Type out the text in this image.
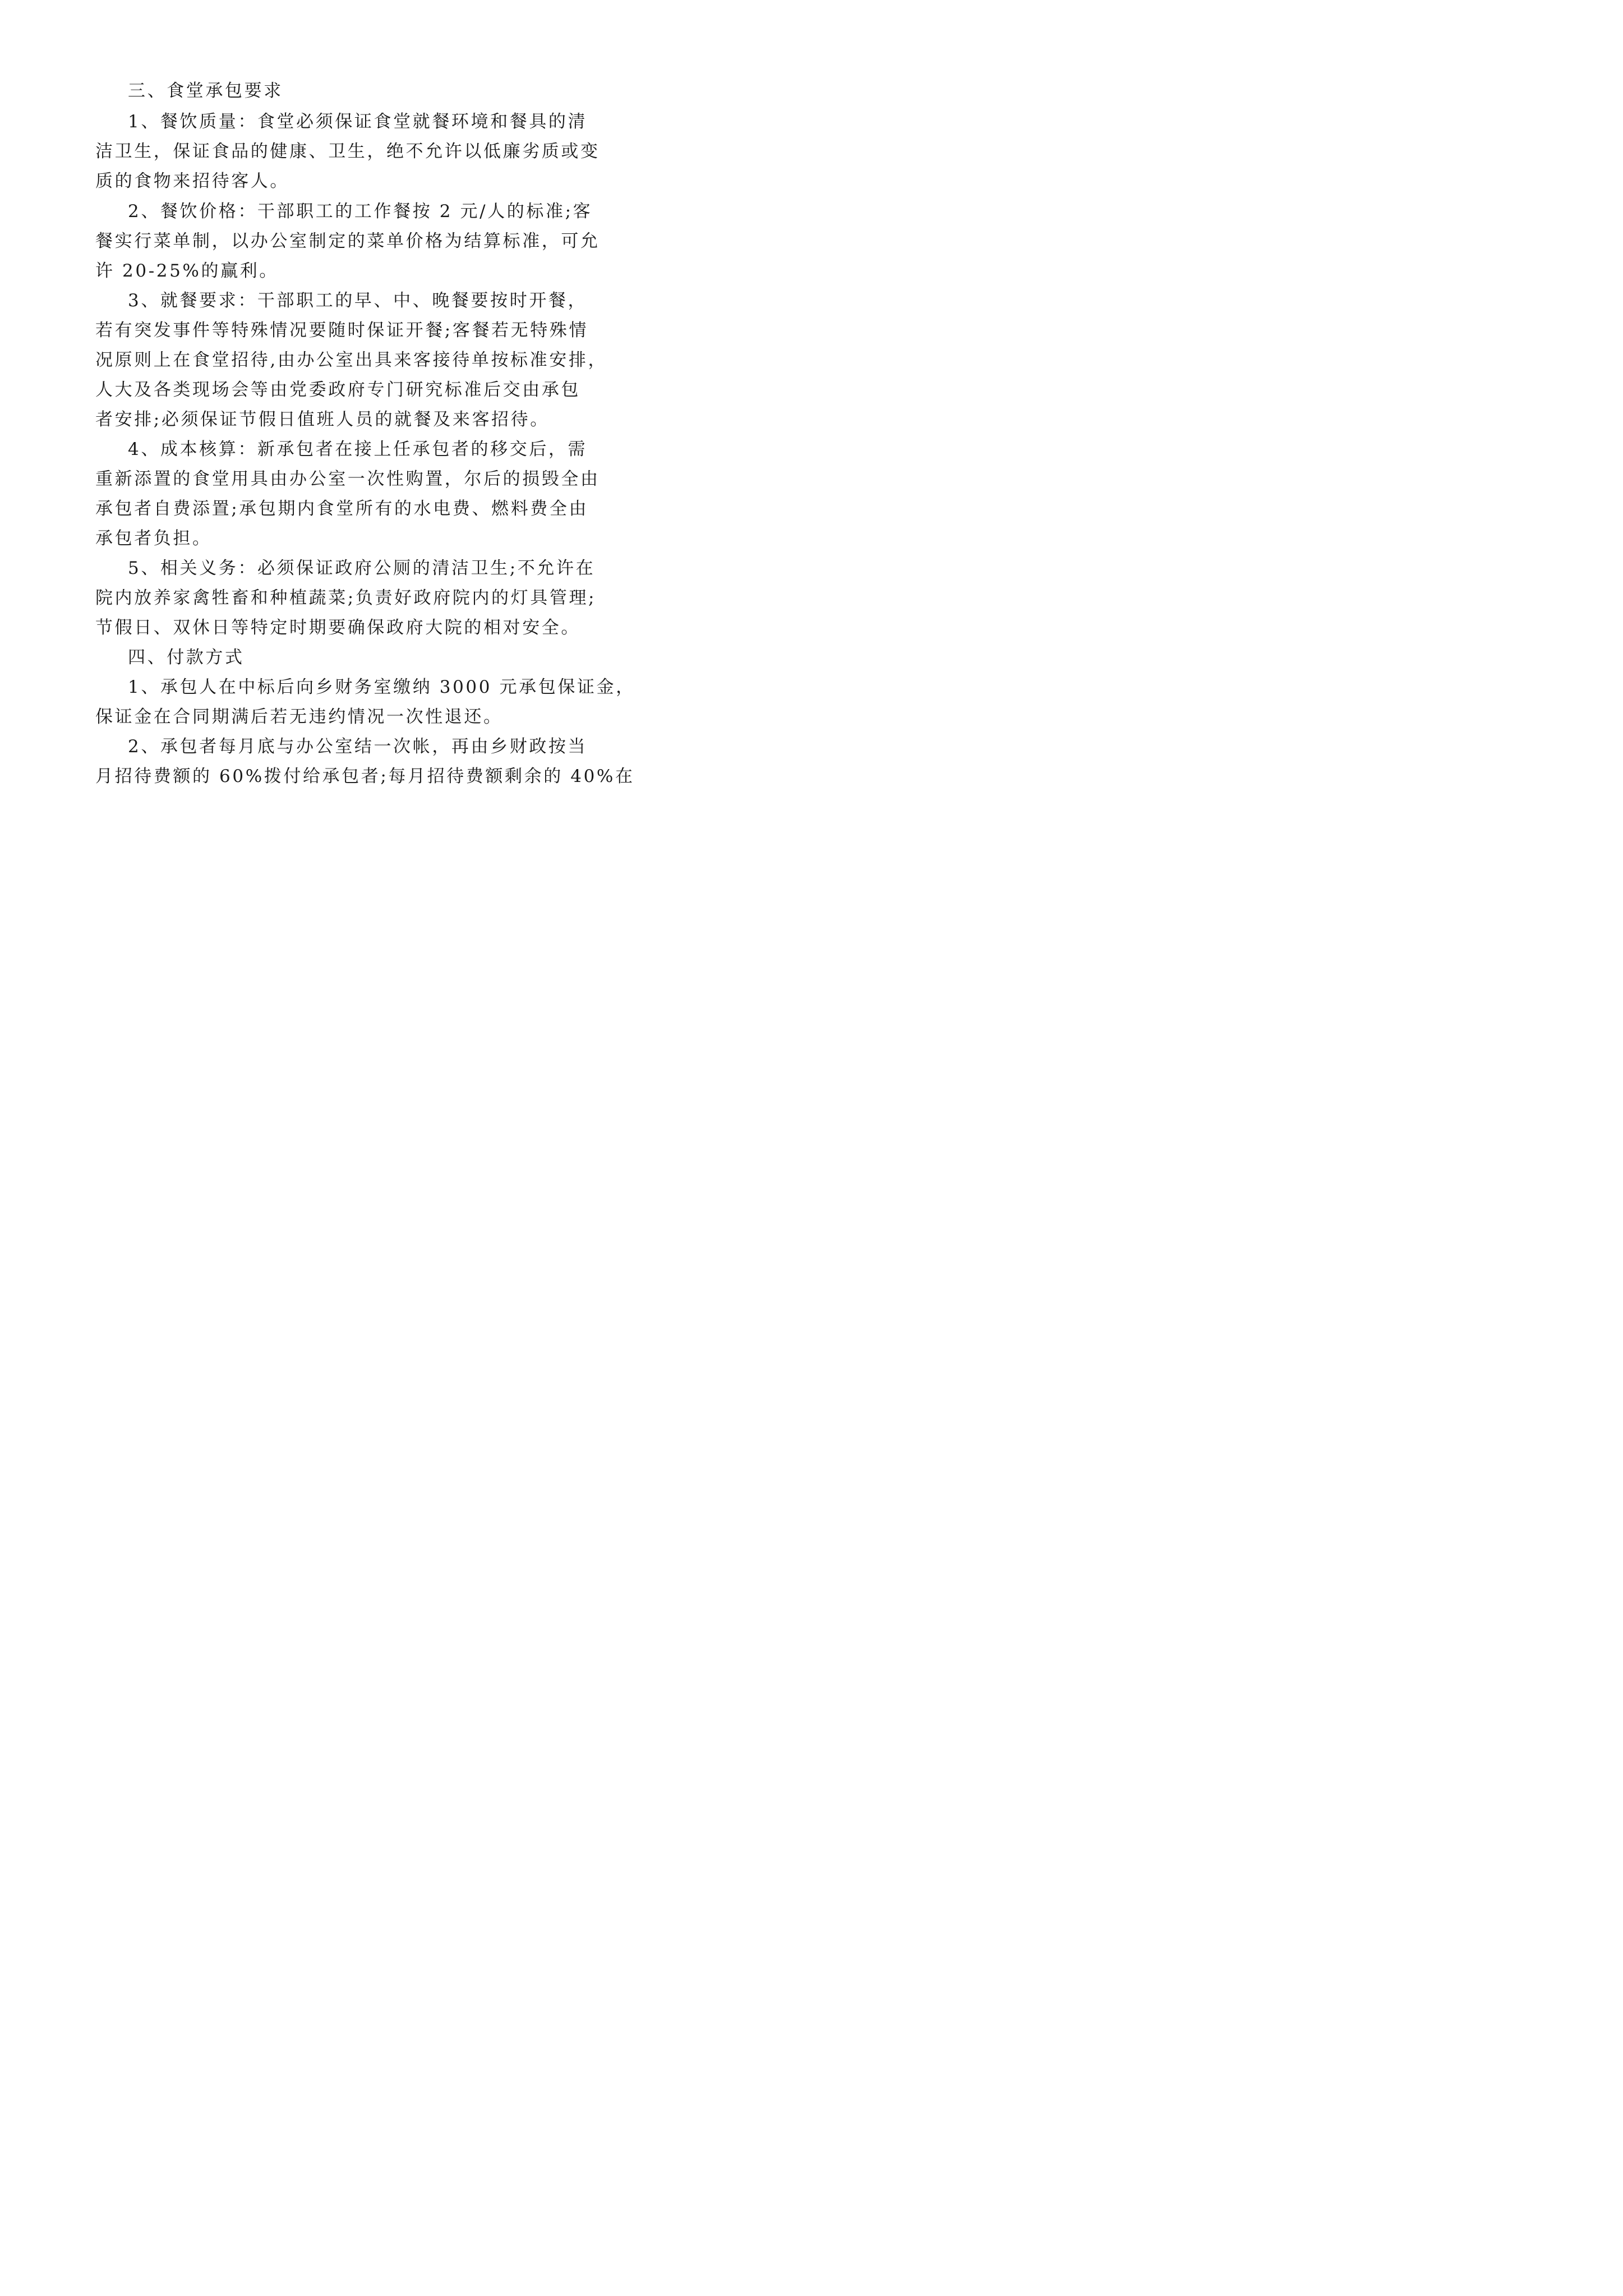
三、食堂承包要求
1、餐饮质量：食堂必须保证食堂就餐环境和餐具的清
洁卫生，保证食品的健康、卫生，绝不允许以低廉劣质或变
质的食物来招待客人。
2、餐饮价格：干部职工的工作餐按 2 元/人的标准;客
餐实行菜单制，以办公室制定的菜单价格为结算标准，可允
许 20-25%的赢利。
3、就餐要求：干部职工的早、中、晚餐要按时开餐，
若有突发事件等特殊情况要随时保证开餐;客餐若无特殊情
况原则上在食堂招待,由办公室出具来客接待单按标准安排，
人大及各类现场会等由党委政府专门研究标准后交由承包
者安排;必须保证节假日值班人员的就餐及来客招待。
4、成本核算：新承包者在接上任承包者的移交后，需
重新添置的食堂用具由办公室一次性购置，尔后的损毁全由
承包者自费添置;承包期内食堂所有的水电费、燃料费全由
承包者负担。
5、相关义务：必须保证政府公厕的清洁卫生;不允许在
院内放养家禽牲畜和种植蔬菜;负责好政府院内的灯具管理;
节假日、双休日等特定时期要确保政府大院的相对安全。
四、付款方式
1、承包人在中标后向乡财务室缴纳 3000 元承包保证金，
保证金在合同期满后若无违约情况一次性退还。
2、承包者每月底与办公室结一次帐，再由乡财政按当
月招待费额的 60%拨付给承包者;每月招待费额剩余的 40%在
